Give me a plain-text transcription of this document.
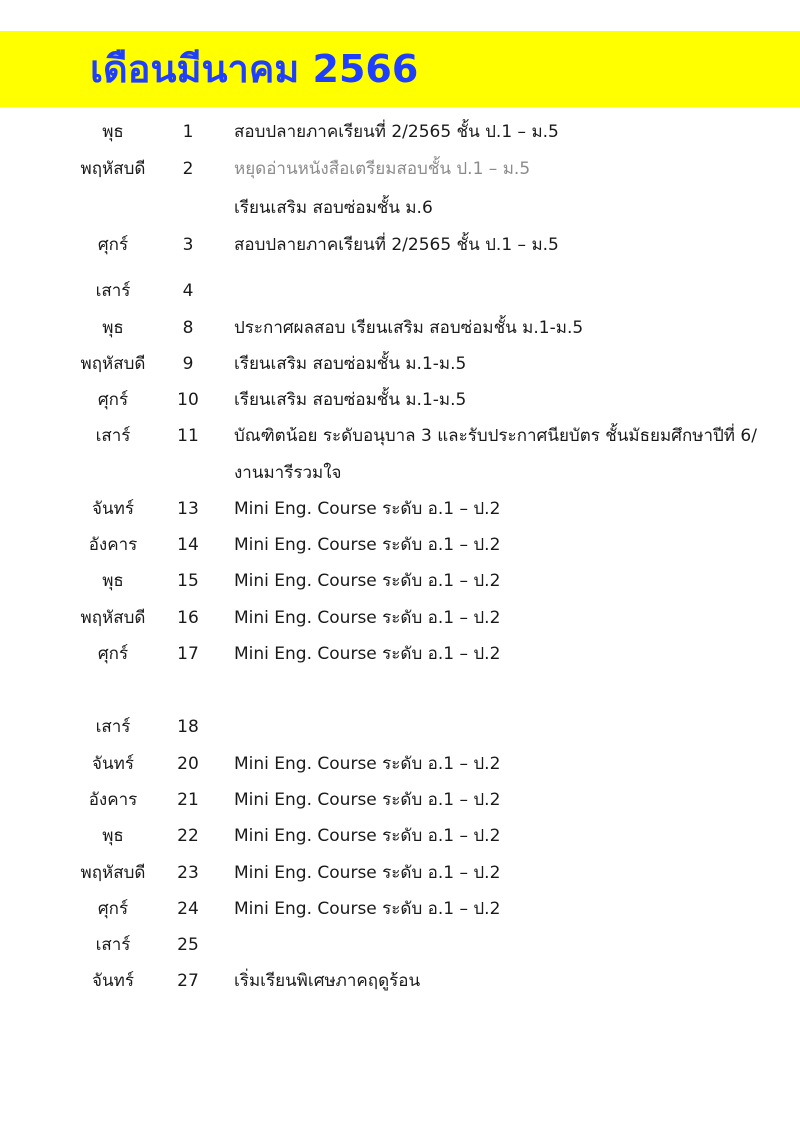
เดือนมีนาคม 2566
พุธ	1	สอบปลายภาคเรียนที่ 2/2565 ชั้น ป.1 – ม.5
พฤหัสบดี	2	หยุดอ่านหนังสือเตรียมสอบชั้น ป.1 – ม.5
เรียนเสริม สอบซ่อมชั้น ม.6
ศุกร์	3	สอบปลายภาคเรียนที่ 2/2565 ชั้น ป.1 – ม.5
เสาร์	4
พุธ	8	ประกาศผลสอบ เรียนเสริม สอบซ่อมชั้น ม.1-ม.5
พฤหัสบดี	9	เรียนเสริม สอบซ่อมชั้น ม.1-ม.5
ศุกร์	10	เรียนเสริม สอบซ่อมชั้น ม.1-ม.5
เสาร์	11	บัณฑิตน้อย ระดับอนุบาล 3 และรับประกาศนียบัตร ชั้นมัธยมศึกษาปีที่ 6/
งานมารีรวมใจ
จันทร์	13	Mini Eng. Course ระดับ อ.1 – ป.2
อังคาร	14	Mini Eng. Course ระดับ อ.1 – ป.2
พุธ	15	Mini Eng. Course ระดับ อ.1 – ป.2
พฤหัสบดี	16	Mini Eng. Course ระดับ อ.1 – ป.2
ศุกร์	17	Mini Eng. Course ระดับ อ.1 – ป.2
เสาร์	18
จันทร์	20	Mini Eng. Course ระดับ อ.1 – ป.2
อังคาร	21	Mini Eng. Course ระดับ อ.1 – ป.2
พุธ	22	Mini Eng. Course ระดับ อ.1 – ป.2
พฤหัสบดี	23	Mini Eng. Course ระดับ อ.1 – ป.2
ศุกร์	24	Mini Eng. Course ระดับ อ.1 – ป.2
เสาร์	25
จันทร์	27	เริ่มเรียนพิเศษภาคฤดูร้อน
